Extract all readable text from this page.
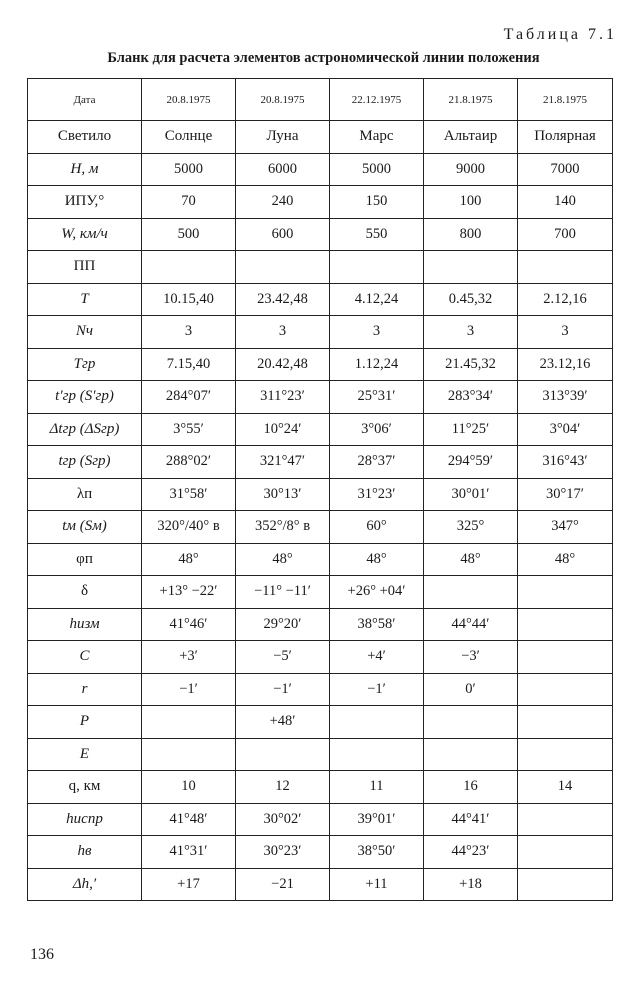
Таблица 7.1
Бланк для расчета элементов астрономической линии положения
Дата	20.8.1975	20.8.1975	22.12.1975	21.8.1975	21.8.1975
Светило	Солнце	Луна	Марс	Альтаир	Полярная
H, м	5000	6000	5000	9000	7000
ИПУ,°	70	240	150	100	140
W, км/ч	500	600	550	800	700
ПП					
T	10.15,40	23.42,48	4.12,24	0.45,32	2.12,16
Nч	3	3	3	3	3
Tгр	7.15,40	20.42,48	1.12,24	21.45,32	23.12,16
t′гр (S′гр)	284°07′	311°23′	25°31′	283°34′	313°39′
Δtгр (ΔSгр)	3°55′	10°24′	3°06′	11°25′	3°04′
tгр (Sгр)	288°02′	321°47′	28°37′	294°59′	316°43′
λп	31°58′	30°13′	31°23′	30°01′	30°17′
tм (Sм)	320°/40° в	352°/8° в	60°	325°	347°
φп	48°	48°	48°	48°	48°
δ	+13° −22′	−11° −11′	+26° +04′		
hизм	41°46′	29°20′	38°58′	44°44′	
C	+3′	−5′	+4′	−3′	
r	−1′	−1′	−1′	0′	
P		+48′			
E					
q, км	10	12	11	16	14
hиспр	41°48′	30°02′	39°01′	44°41′	
hв	41°31′	30°23′	38°50′	44°23′	
Δh,′	+17	−21	+11	+18	
136
